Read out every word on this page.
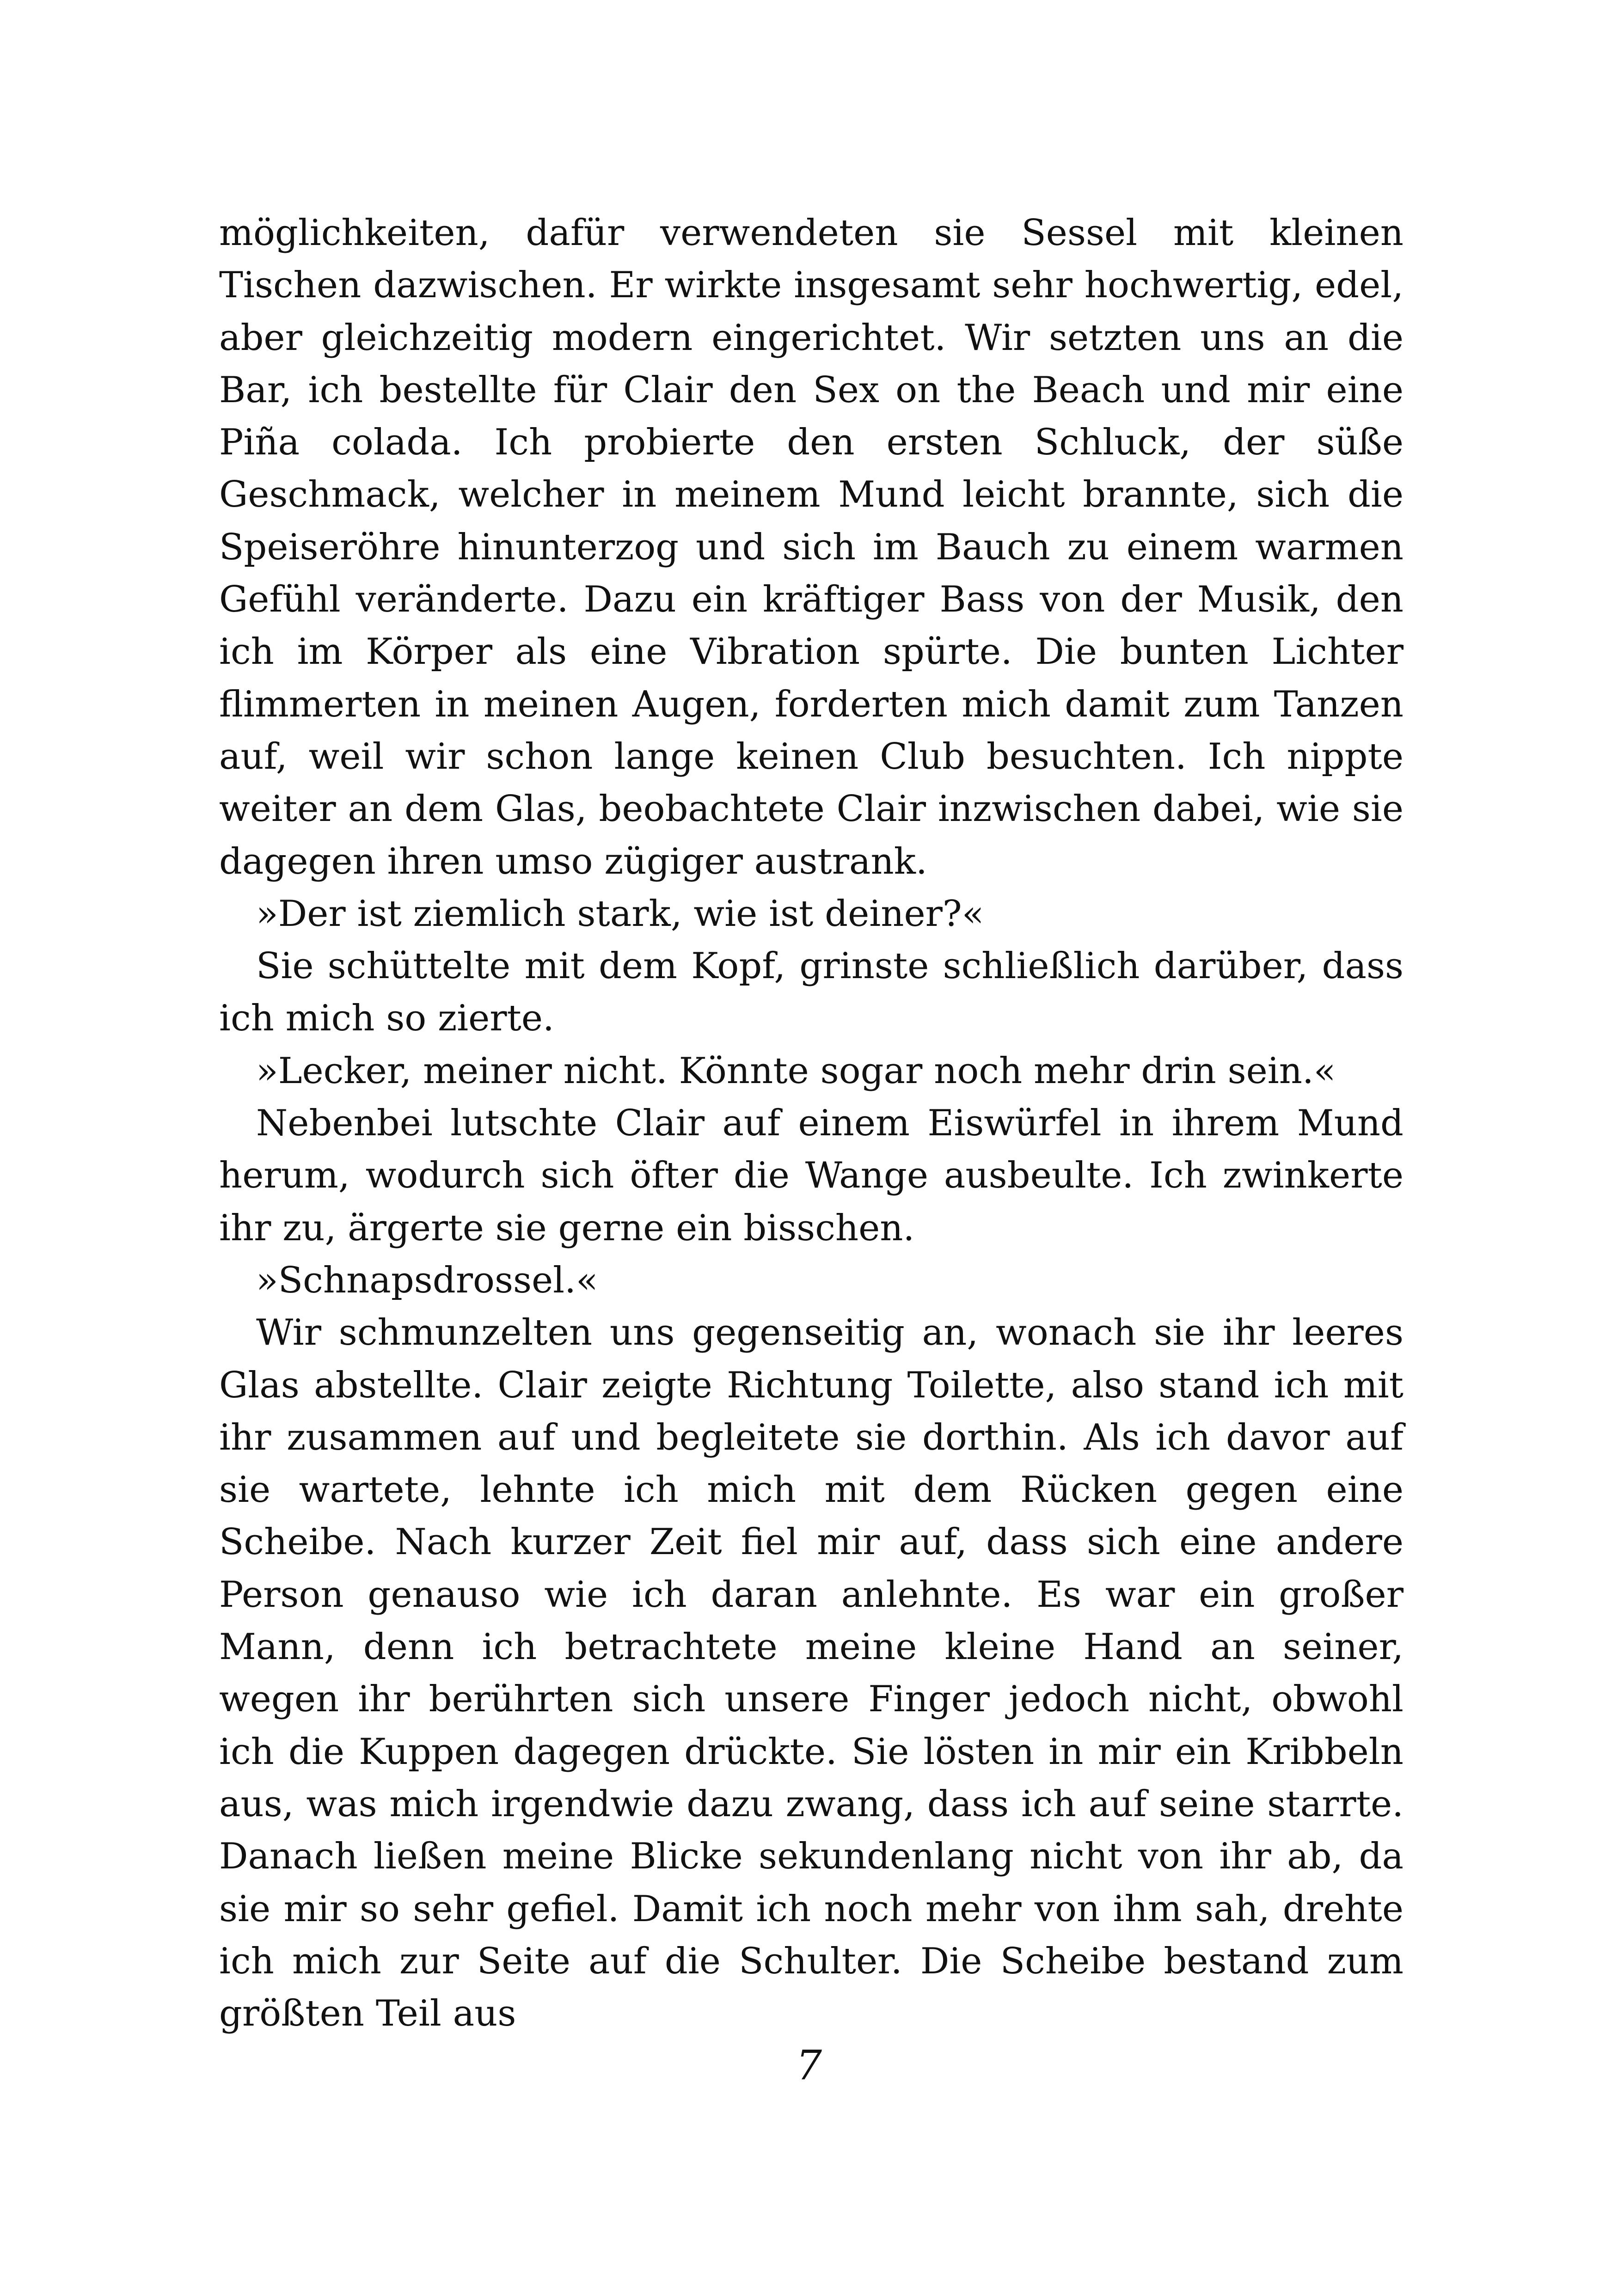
möglichkeiten, dafür verwendeten sie Sessel mit kleinen Tischen dazwischen. Er wirkte insgesamt sehr hochwertig, edel, aber gleichzeitig modern eingerichtet. Wir setzten uns an die Bar, ich bestellte für Clair den Sex on the Beach und mir eine Piña colada. Ich probierte den ersten Schluck, der süße Geschmack, welcher in meinem Mund leicht brannte, sich die Speiseröhre hinunterzog und sich im Bauch zu einem warmen Gefühl veränderte. Dazu ein kräftiger Bass von der Musik, den ich im Körper als eine Vibration spürte. Die bunten Lichter flimmerten in meinen Augen, forderten mich damit zum Tanzen auf, weil wir schon lange keinen Club besuchten. Ich nippte weiter an dem Glas, beobachtete Clair inzwischen dabei, wie sie dagegen ihren umso zügiger austrank.

»Der ist ziemlich stark, wie ist deiner?«

Sie schüttelte mit dem Kopf, grinste schließlich darüber, dass ich mich so zierte.

»Lecker, meiner nicht. Könnte sogar noch mehr drin sein.«

Nebenbei lutschte Clair auf einem Eiswürfel in ihrem Mund herum, wodurch sich öfter die Wange ausbeulte. Ich zwinkerte ihr zu, ärgerte sie gerne ein bisschen.

»Schnapsdrossel.«

Wir schmunzelten uns gegenseitig an, wonach sie ihr leeres Glas abstellte. Clair zeigte Richtung Toilette, also stand ich mit ihr zusammen auf und begleitete sie dorthin. Als ich davor auf sie wartete, lehnte ich mich mit dem Rücken gegen eine Scheibe. Nach kurzer Zeit fiel mir auf, dass sich eine andere Person genauso wie ich daran anlehnte. Es war ein großer Mann, denn ich betrachtete meine kleine Hand an seiner, wegen ihr berührten sich unsere Finger jedoch nicht, obwohl ich die Kuppen dagegen drückte. Sie lösten in mir ein Kribbeln aus, was mich irgendwie dazu zwang, dass ich auf seine starrte. Danach ließen meine Blicke sekundenlang nicht von ihr ab, da sie mir so sehr gefiel. Damit ich noch mehr von ihm sah, drehte ich mich zur Seite auf die Schulter. Die Scheibe bestand zum größten Teil aus

7
